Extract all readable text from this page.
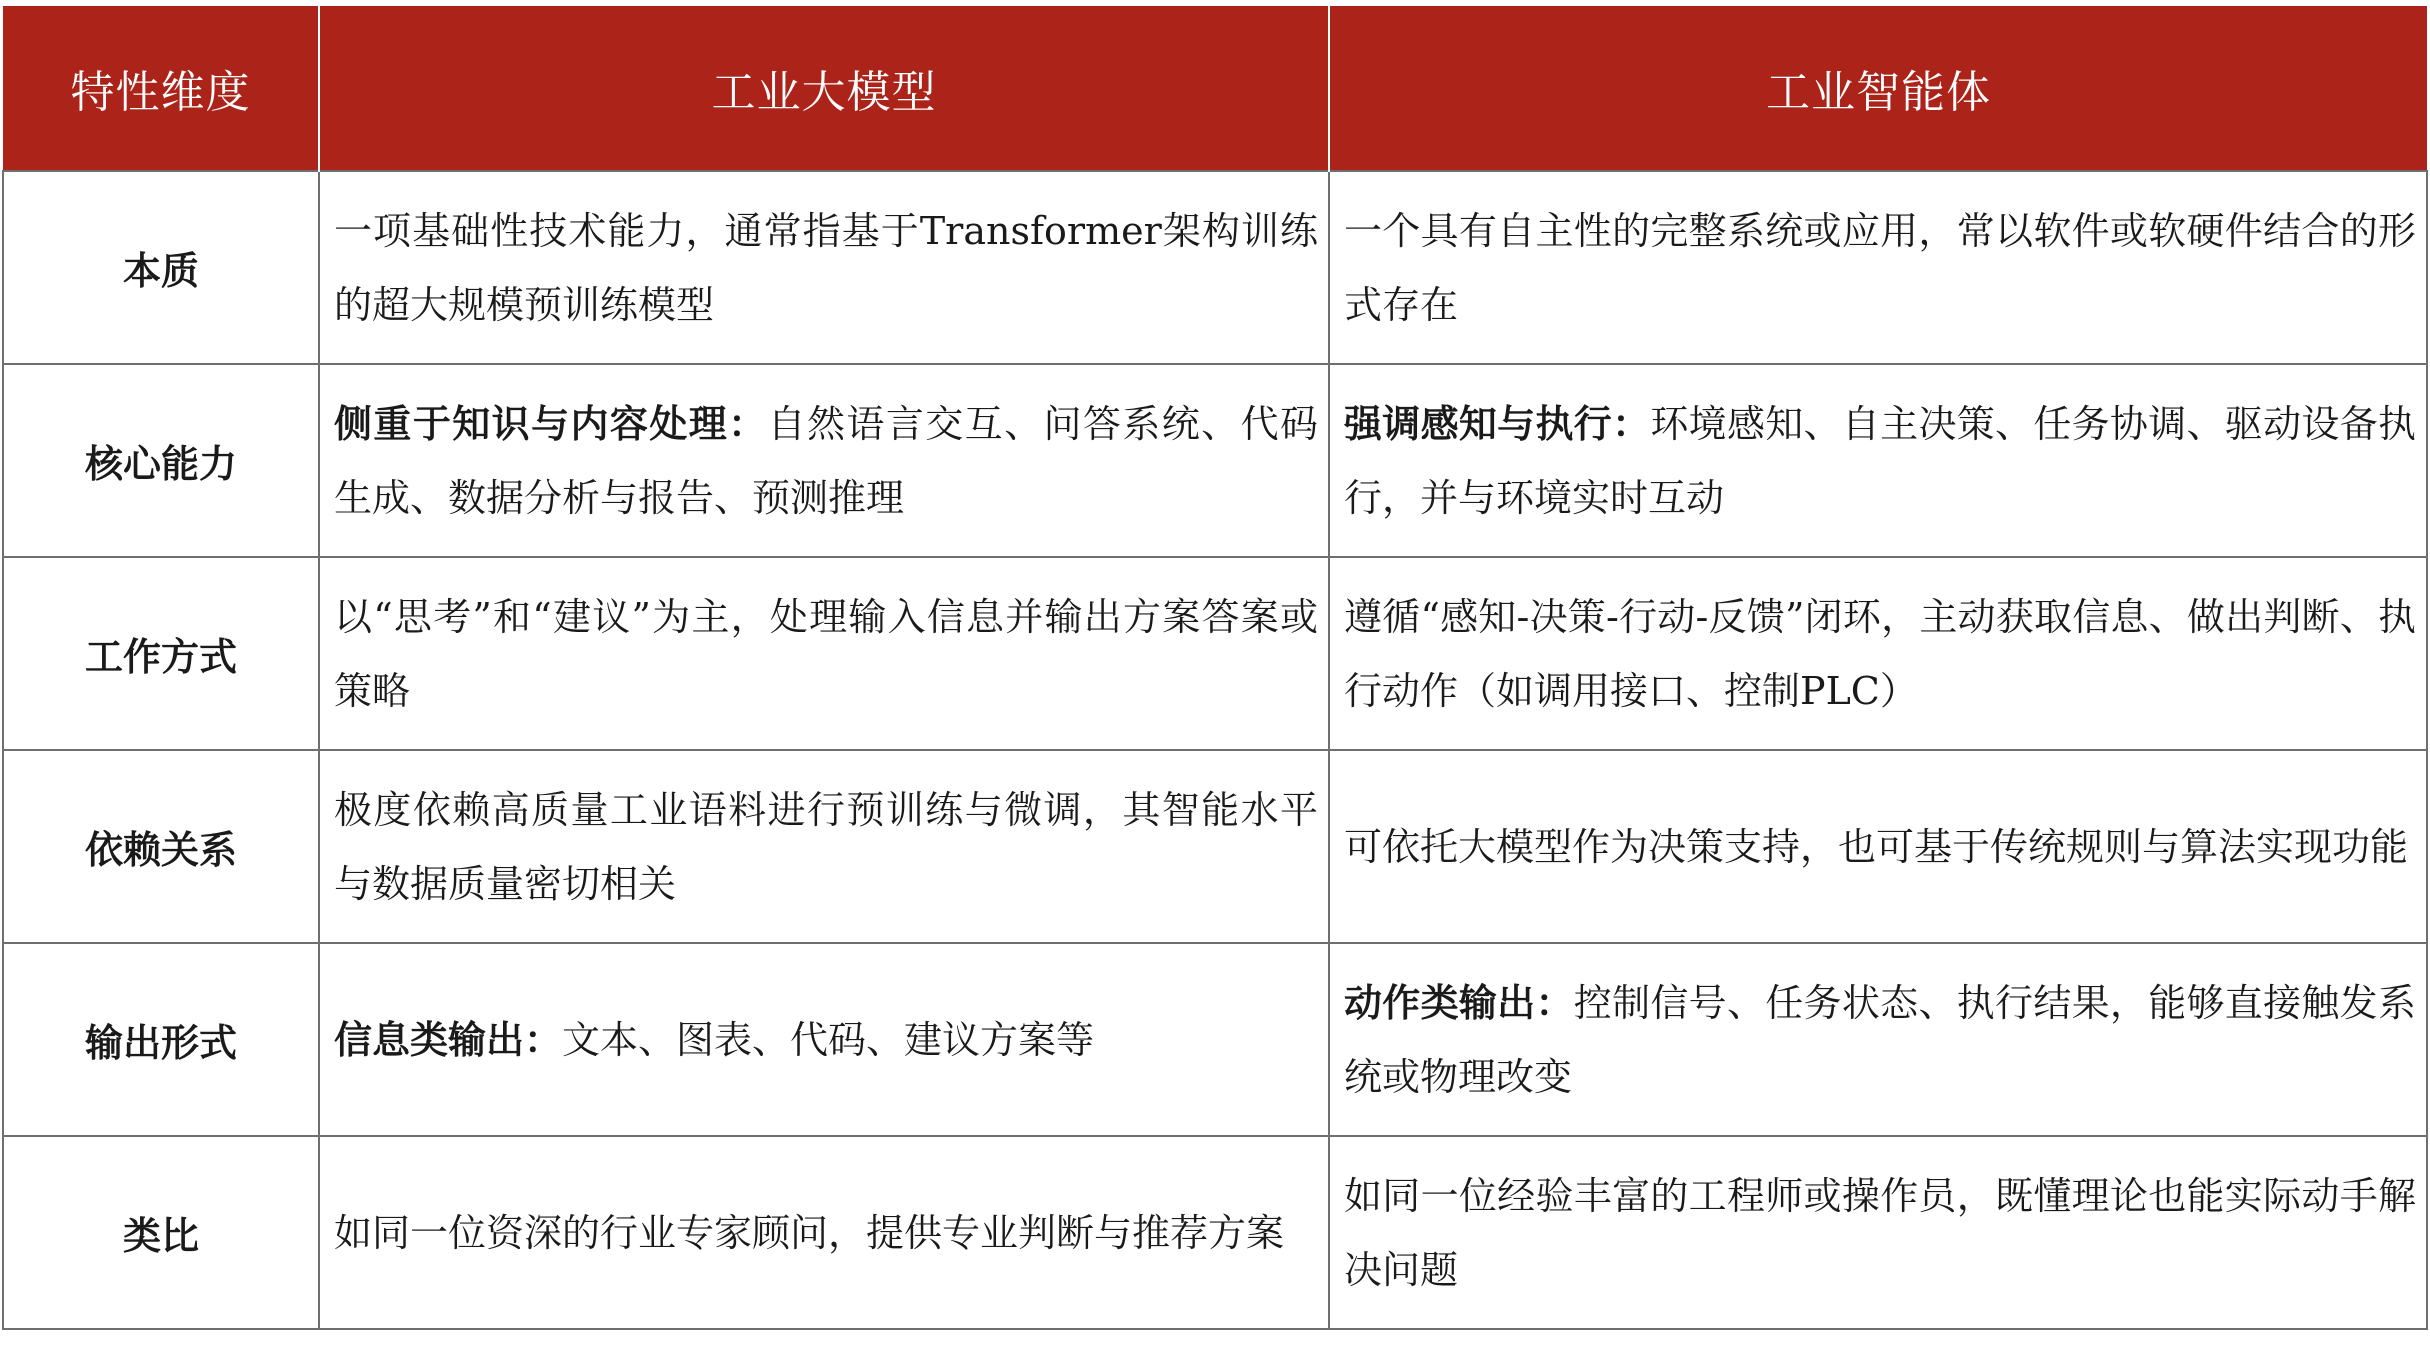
特性维度	工业大模型	工业智能体
本质	一项基础性技术能力，通常指基于Transformer架构训练的超大规模预训练模型	一个具有自主性的完整系统或应用，常以软件或软硬件结合的形式存在
核心能力	侧重于知识与内容处理：自然语言交互、问答系统、代码生成、数据分析与报告、预测推理	强调感知与执行：环境感知、自主决策、任务协调、驱动设备执行，并与环境实时互动
工作方式	以“思考”和“建议”为主，处理输入信息并输出方案答案或策略	遵循“感知-决策-行动-反馈”闭环，主动获取信息、做出判断、执行动作（如调用接口、控制PLC）
依赖关系	极度依赖高质量工业语料进行预训练与微调，其智能水平与数据质量密切相关	可依托大模型作为决策支持，也可基于传统规则与算法实现功能
输出形式	信息类输出：文本、图表、代码、建议方案等	动作类输出：控制信号、任务状态、执行结果，能够直接触发系统或物理改变
类比	如同一位资深的行业专家顾问，提供专业判断与推荐方案	如同一位经验丰富的工程师或操作员，既懂理论也能实际动手解决问题
